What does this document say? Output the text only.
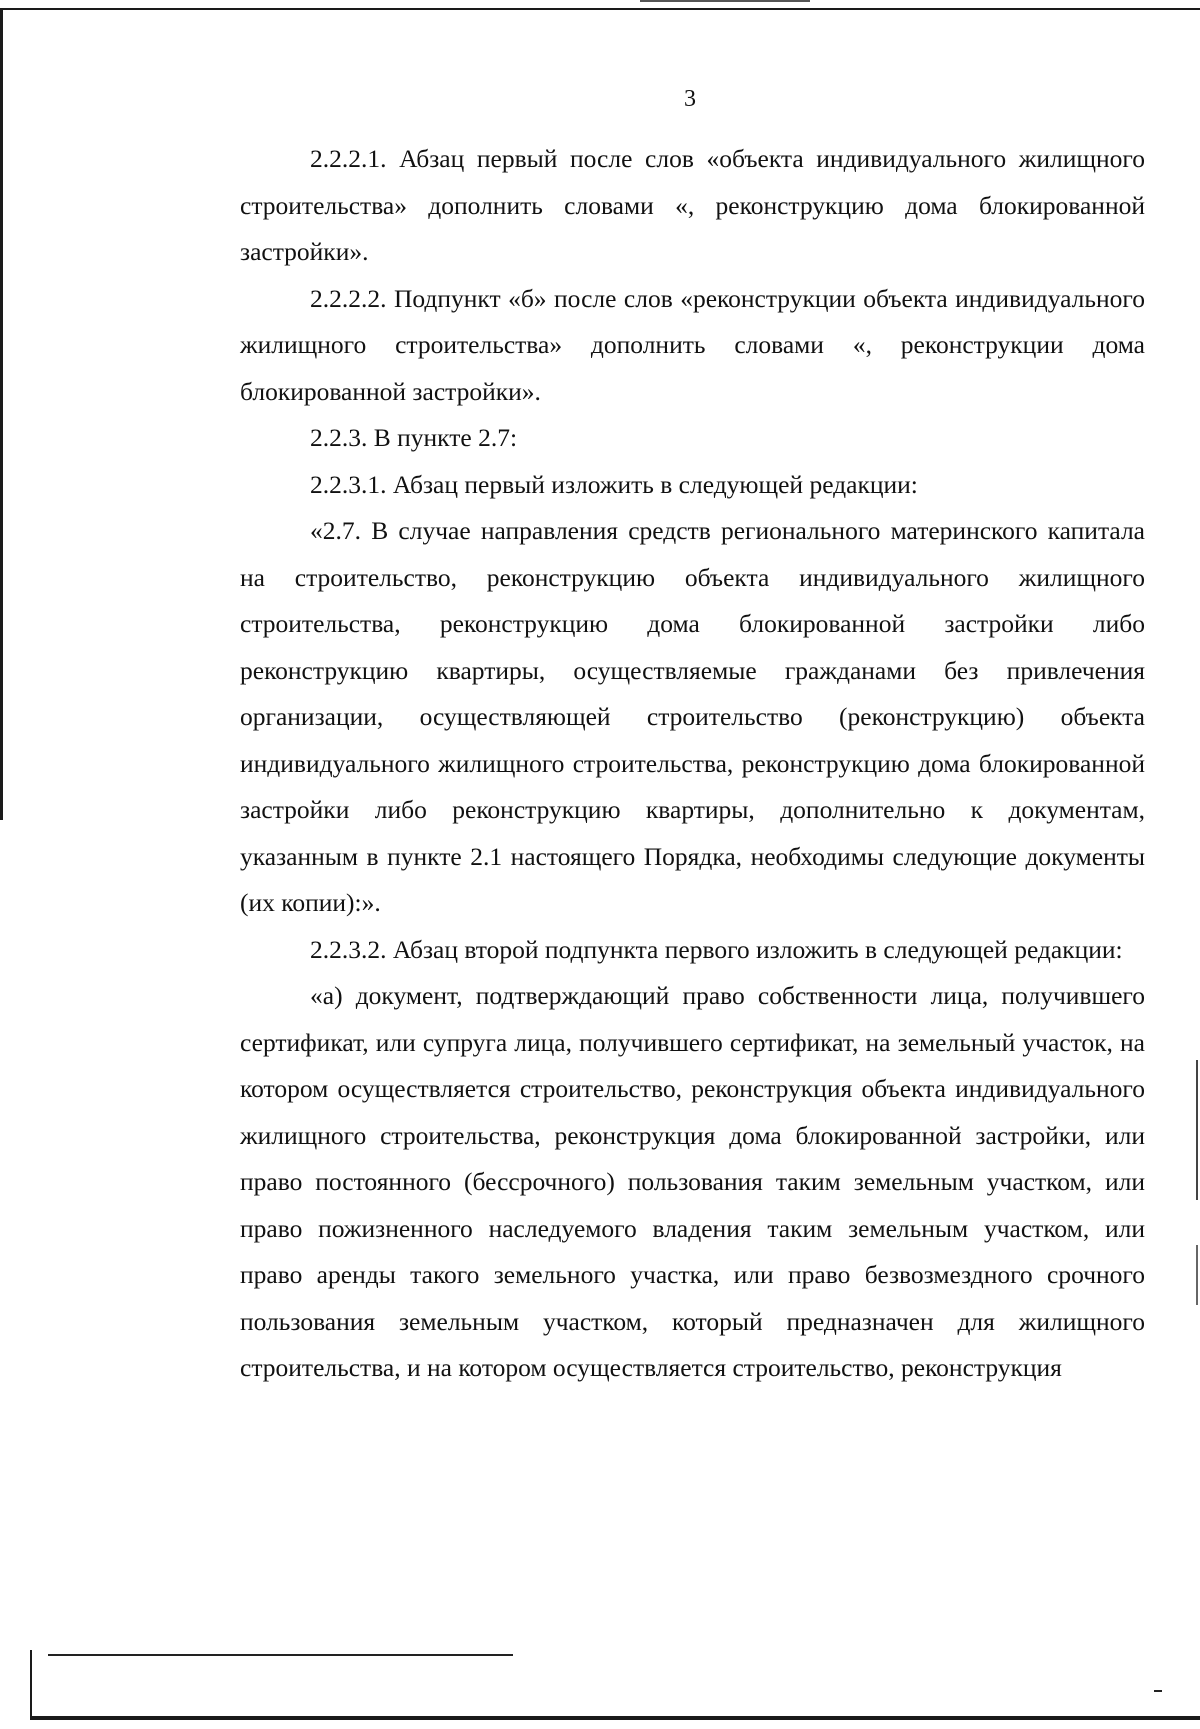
3

2.2.2.1. Абзац первый после слов «объекта индивидуального жилищного строительства» дополнить словами «, реконструкцию дома блокированной застройки».

2.2.2.2. Подпункт «б» после слов «реконструкции объекта индивидуального жилищного строительства» дополнить словами «, реконструкции дома блокированной застройки».

2.2.3. В пункте 2.7:

2.2.3.1. Абзац первый изложить в следующей редакции:

«2.7. В случае направления средств регионального материнского капитала на строительство, реконструкцию объекта индивидуального жилищного строительства, реконструкцию дома блокированной застройки либо реконструкцию квартиры, осуществляемые гражданами без привлечения организации, осуществляющей строительство (реконструкцию) объекта индивидуального жилищного строительства, реконструкцию дома блокированной застройки либо реконструкцию квартиры, дополнительно к документам, указанным в пункте 2.1 настоящего Порядка, необходимы следующие документы (их копии):».

2.2.3.2. Абзац второй подпункта первого изложить в следующей редакции:

«а) документ, подтверждающий право собственности лица, получившего сертификат, или супруга лица, получившего сертификат, на земельный участок, на котором осуществляется строительство, реконструкция объекта индивидуального жилищного строительства, реконструкция дома блокированной застройки, или право постоянного (бессрочного) пользования таким земельным участком, или право пожизненного наследуемого владения таким земельным участком, или право аренды такого земельного участка, или право безвозмездного срочного пользования земельным участком, который предназначен для жилищного строительства, и на котором осуществляется строительство, реконструкция
